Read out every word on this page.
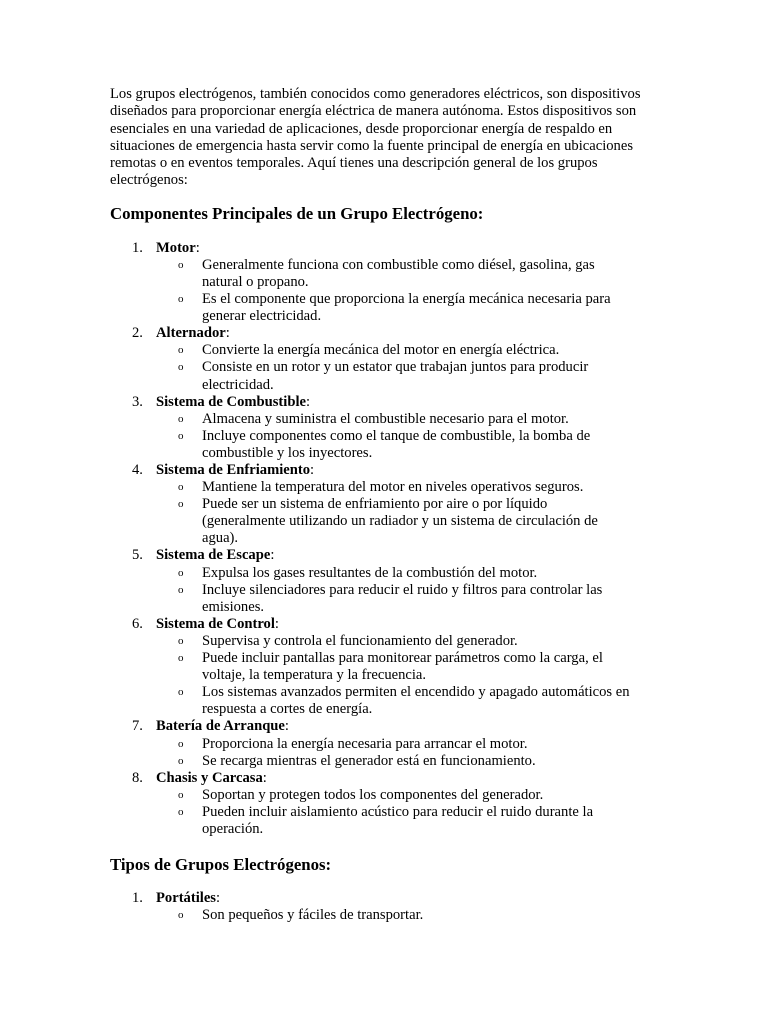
Los grupos electrógenos, también conocidos como generadores eléctricos, son dispositivos diseñados para proporcionar energía eléctrica de manera autónoma. Estos dispositivos son esenciales en una variedad de aplicaciones, desde proporcionar energía de respaldo en situaciones de emergencia hasta servir como la fuente principal de energía en ubicaciones remotas o en eventos temporales. Aquí tienes una descripción general de los grupos electrógenos:

Componentes Principales de un Grupo Electrógeno:
1. Motor:
o Generalmente funciona con combustible como diésel, gasolina, gas natural o propano.
o Es el componente que proporciona la energía mecánica necesaria para generar electricidad.
2. Alternador:
o Convierte la energía mecánica del motor en energía eléctrica.
o Consiste en un rotor y un estator que trabajan juntos para producir electricidad.
3. Sistema de Combustible:
o Almacena y suministra el combustible necesario para el motor.
o Incluye componentes como el tanque de combustible, la bomba de combustible y los inyectores.
4. Sistema de Enfriamiento:
o Mantiene la temperatura del motor en niveles operativos seguros.
o Puede ser un sistema de enfriamiento por aire o por líquido (generalmente utilizando un radiador y un sistema de circulación de agua).
5. Sistema de Escape:
o Expulsa los gases resultantes de la combustión del motor.
o Incluye silenciadores para reducir el ruido y filtros para controlar las emisiones.
6. Sistema de Control:
o Supervisa y controla el funcionamiento del generador.
o Puede incluir pantallas para monitorear parámetros como la carga, el voltaje, la temperatura y la frecuencia.
o Los sistemas avanzados permiten el encendido y apagado automáticos en respuesta a cortes de energía.
7. Batería de Arranque:
o Proporciona la energía necesaria para arrancar el motor.
o Se recarga mientras el generador está en funcionamiento.
8. Chasis y Carcasa:
o Soportan y protegen todos los componentes del generador.
o Pueden incluir aislamiento acústico para reducir el ruido durante la operación.
Tipos de Grupos Electrógenos:
1. Portátiles:
o Son pequeños y fáciles de transportar.
